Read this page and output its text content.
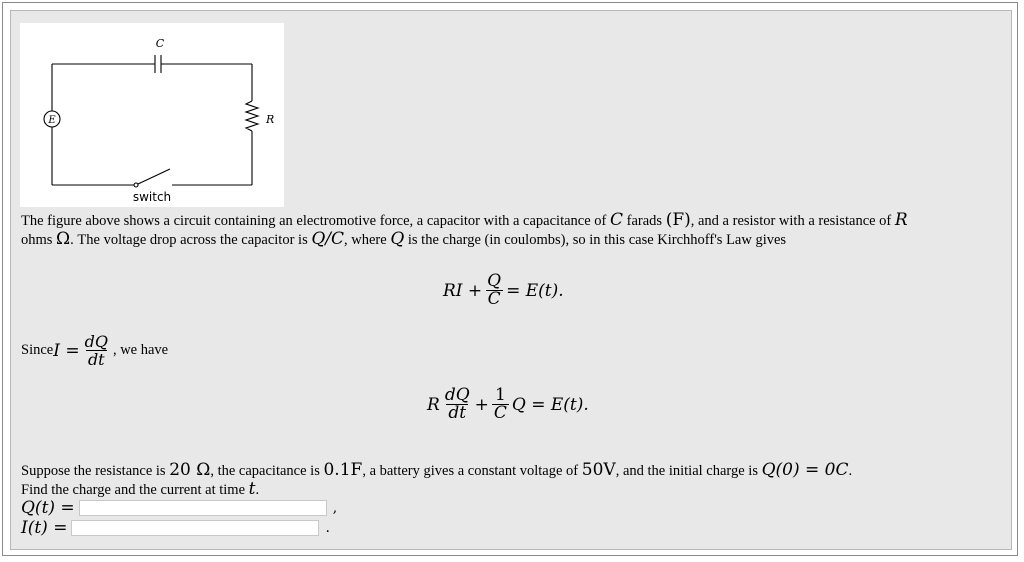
C
E	R
switch
The figure above shows a circuit containing an electromotive force, a capacitor with a capacitance of C farads (F), and a resistor with a resistance of R
ohms Ω. The voltage drop across the capacitor is Q/C, where Q is the charge (in coulombs), so in this case Kirchhoff's Law gives
RI + $\frac{Q}{C} = E(t)$.
Since $I = \frac{dQ}{dt}$ , we have
R $\frac{dQ}{dt} + \frac{1}{C}$ Q = E(t).
Suppose the resistance is 20 Ω, the capacitance is 0.1F, a battery gives a constant voltage of 50V, and the initial charge is Q(0) = 0C.
Find the charge and the current at time t.
Q(t) =	,
I(t) =	.
